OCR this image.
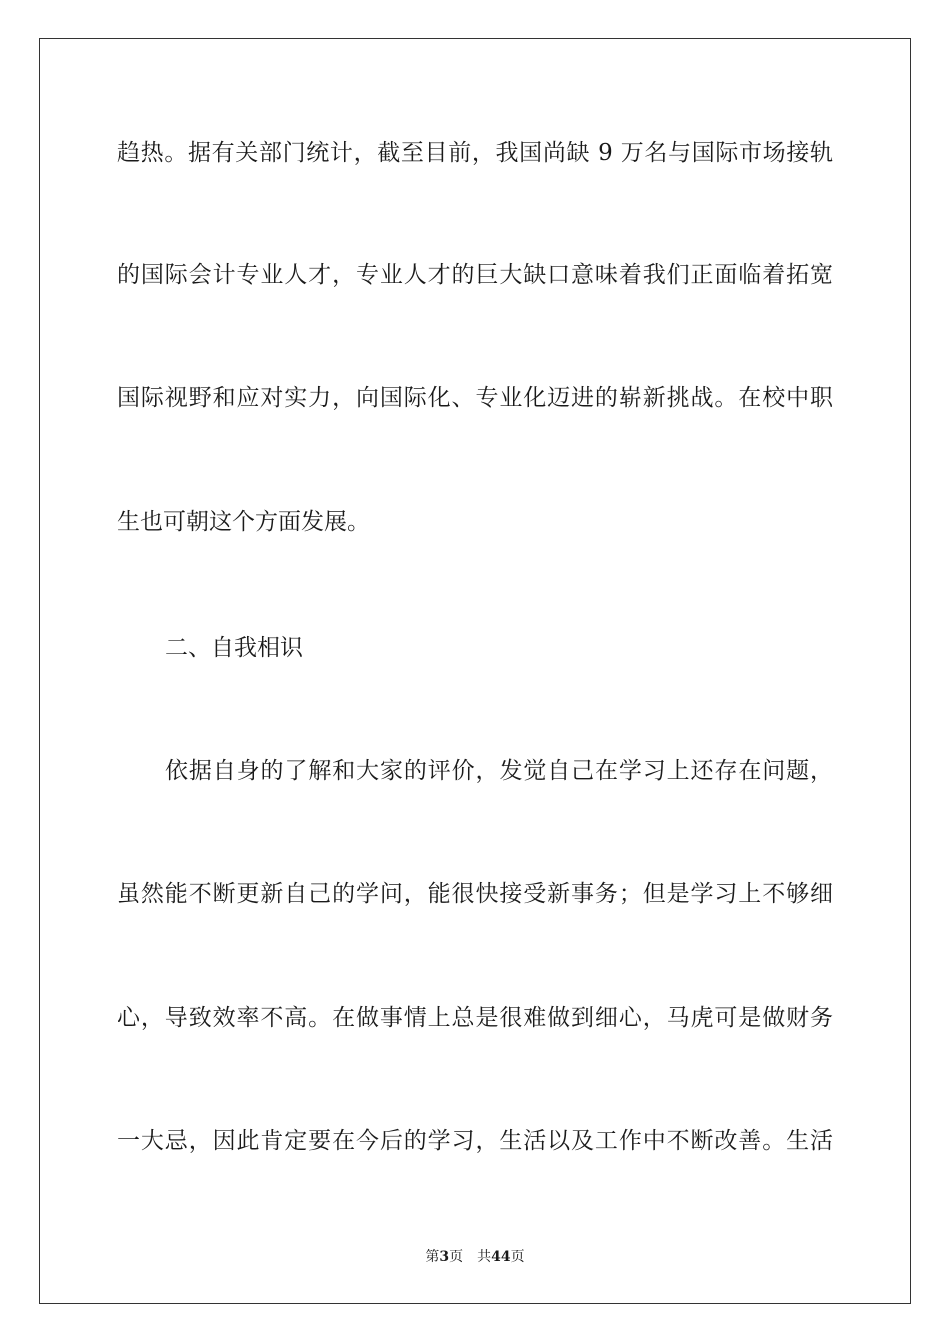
趋热。据有关部门统计，截至目前，我国尚缺 9 万名与国际市场接轨
的国际会计专业人才，专业人才的巨大缺口意味着我们正面临着拓宽
国际视野和应对实力，向国际化、专业化迈进的崭新挑战。在校中职
生也可朝这个方面发展。
二、自我相识
依据自身的了解和大家的评价，发觉自己在学习上还存在问题，
虽然能不断更新自己的学问，能很快接受新事务；但是学习上不够细
心，导致效率不高。在做事情上总是很难做到细心，马虎可是做财务
一大忌，因此肯定要在今后的学习，生活以及工作中不断改善。生活
第3页 共44页
